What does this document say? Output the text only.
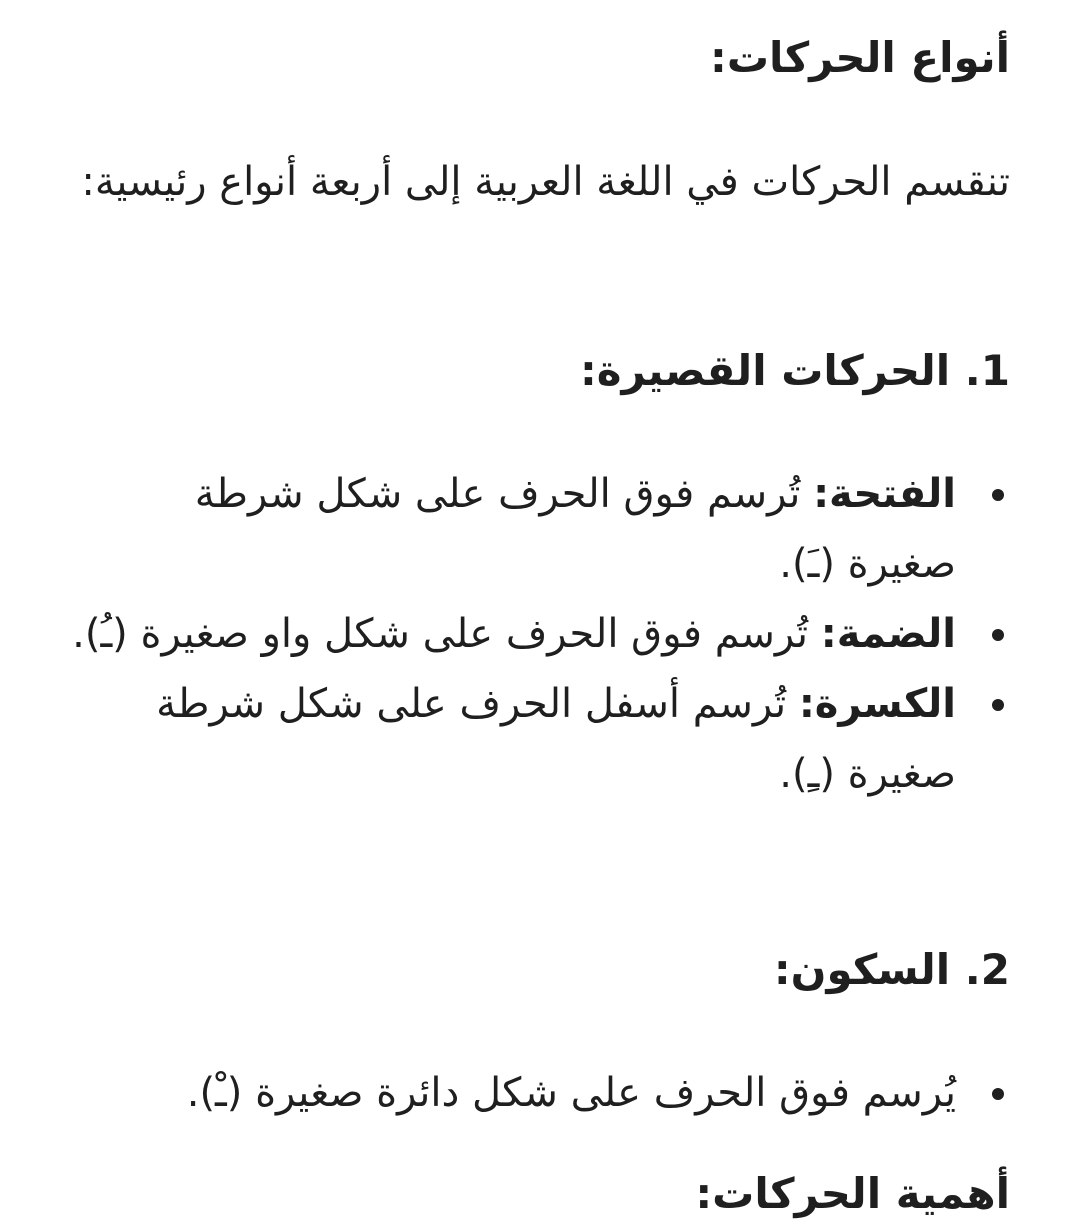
أنواع الحركات:

تنقسم الحركات في اللغة العربية إلى أربعة أنواع رئيسية:

1. الحركات القصيرة:
الفتحة: تُرسم فوق الحرف على شكل شرطة صغيرة (ـَ).
الضمة: تُرسم فوق الحرف على شكل واو صغيرة (ـُ).
الكسرة: تُرسم أسفل الحرف على شكل شرطة صغيرة (ـِ).
2. السكون:
يُرسم فوق الحرف على شكل دائرة صغيرة (ـْ).
أهمية الحركات:
